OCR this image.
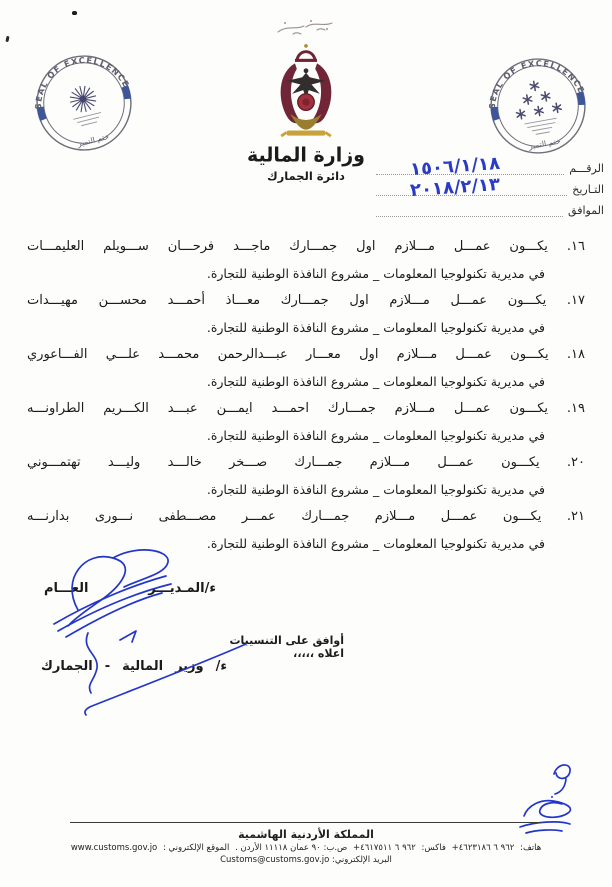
SEAL OF EXCELLENCE
ختم التميز
SEAL OF EXCELLENCE
ختم التميز
وزارة المالية
دائرة الجمارك
الرقـــم
١٥٠٦/١/١٨
التـاريخ
٢٠١٨/٢/١٣
الموافق
١٦. يكـــون عمـــل مـــلازم اول جمـــارك ماجـــد فرحـــان ســـويلم العليمـــات
في مديرية تكنولوجيا المعلومات _ مشروع النافذة الوطنية للتجارة.
١٧. يكـــون عمـــل مـــلازم اول جمـــارك معـــاذ أحمـــد محســـن مهيـــدات
في مديرية تكنولوجيا المعلومات _ مشروع النافذة الوطنية للتجارة.
١٨. يكـــون عمـــل مـــلازم اول معـــار عبـــدالرحمن محمـــد علـــي الفـــاعوري
في مديرية تكنولوجيا المعلومات _ مشروع النافذة الوطنية للتجارة.
١٩. يكـــون عمـــل مـــلازم جمـــارك احمـــد ايمـــن عبـــد الكـــريم الطراونـــه
في مديرية تكنولوجيا المعلومات _ مشروع النافذة الوطنية للتجارة.
٢٠. يكـــون عمـــل مـــلازم جمـــارك صـــخر خالـــد وليـــد تهتمـــوني
في مديرية تكنولوجيا المعلومات _ مشروع النافذة الوطنية للتجارة.
٢١. يكـــون عمـــل مـــلازم جمـــارك عمـــر مصـــطفى نـــورى بدارنـــه
في مديرية تكنولوجيا المعلومات _ مشروع النافذة الوطنية للتجارة.
ء/المـديـــر العـــام
أوافق على التنسيبات اعلاه ،،،،،
ء/ وزير المالية - الجمارك
المملكة الأردنية الهاشمية
هاتف: +٩٦٢ ٦ ٤٦٢٣١٨٦ فاكس: +٩٦٢ ٦ ٤٦١٧٥١١ ص.ب: ٩٠ عمان ١١١١٨ الأردن . الموقع الإلكتروني : www.customs.gov.jo
البريد الإلكتروني: Customs@customs.gov.jo
